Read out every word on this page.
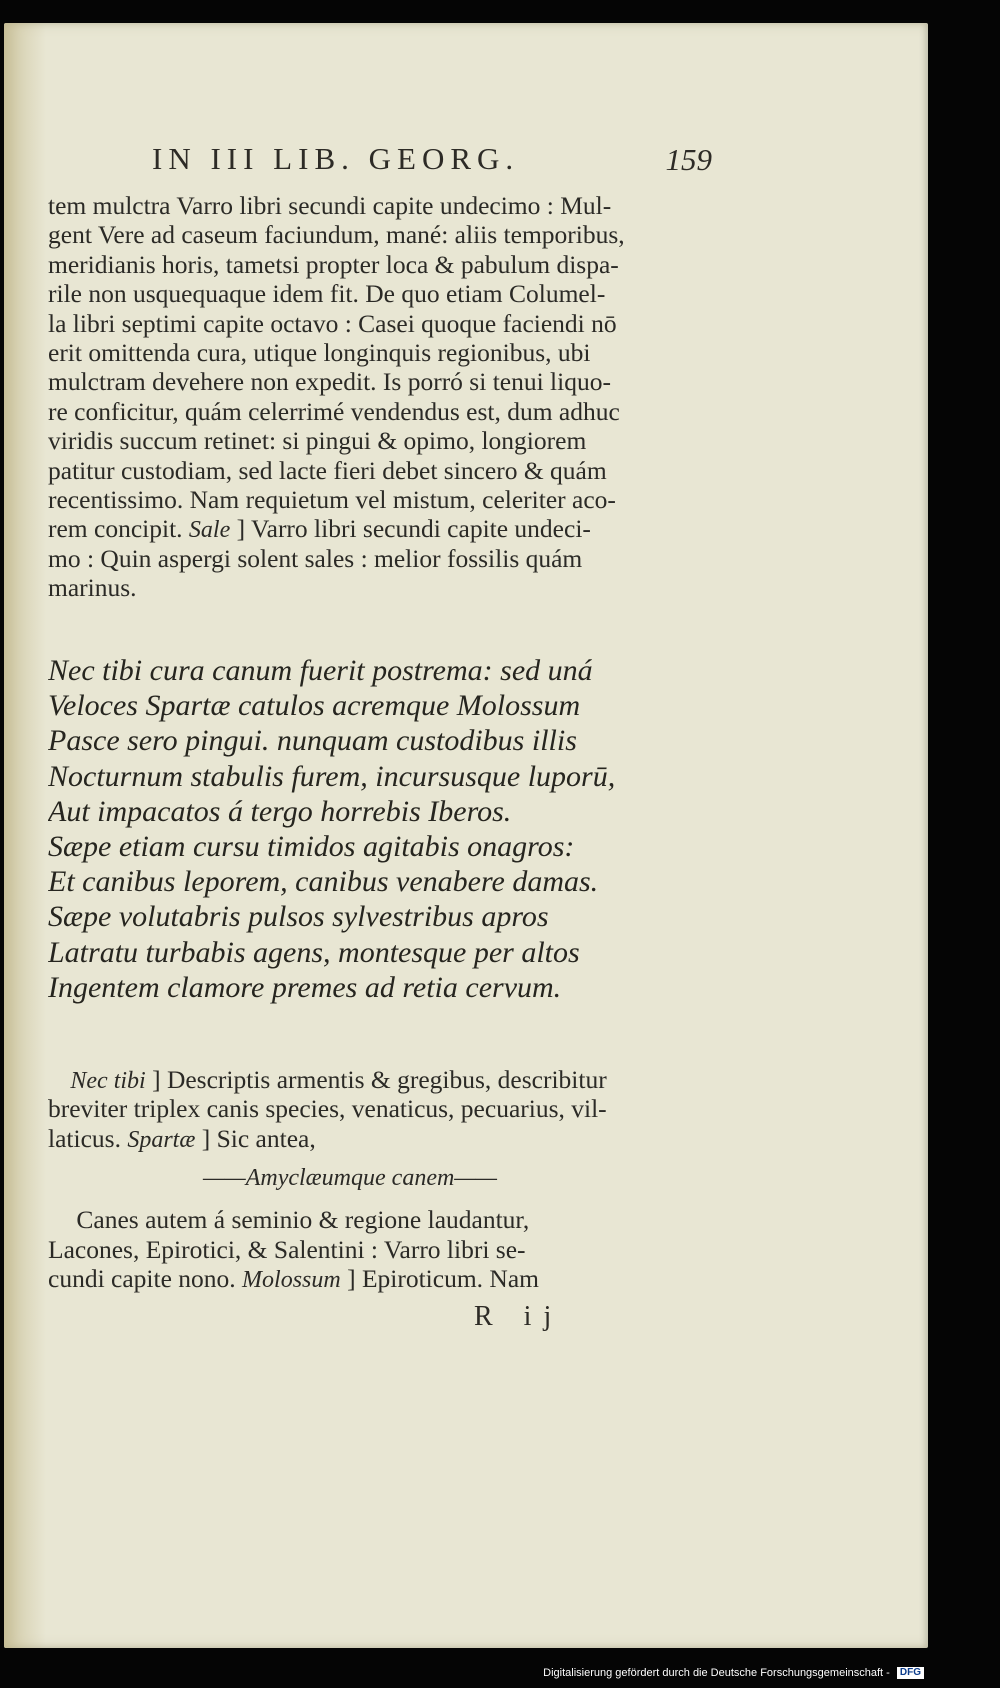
IN III LIB. GEORG.	159
tem mulctra Varro libri secundi capite undecimo : Mul-
gent Vere ad caseum faciundum, mané: aliis temporibus,
meridianis horis, tametsi propter loca & pabulum dispa-
rile non usquequaque idem fit. De quo etiam Columel-
la libri septimi capite octavo : Casei quoque faciendi nō
erit omittenda cura, utique longinquis regionibus, ubi
mulctram devehere non expedit. Is porró si tenui liquo-
re conficitur, quám celerrimé vendendus est, dum adhuc
viridis succum retinet: si pingui & opimo, longiorem
patitur custodiam, sed lacte fieri debet sincero & quám
recentissimo. Nam requietum vel mistum, celeriter aco-
rem concipit. Sale ] Varro libri secundi capite undeci-
mo : Quin aspergi solent sales : melior fossilis quám
marinus.
Nec tibi cura canum fuerit postrema: sed uná
Veloces Spartæ catulos acremque Molossum
Pasce sero pingui. nunquam custodibus illis
Nocturnum stabulis furem, incursusque luporū,
Aut impacatos á tergo horrebis Iberos.
Sæpe etiam cursu timidos agitabis onagros:
Et canibus leporem, canibus venabere damas.
Sæpe volutabris pulsos sylvestribus apros
Latratu turbabis agens, montesque per altos
Ingentem clamore premes ad retia cervum.
Nec tibi ] Descriptis armentis & gregibus, describitur
breviter triplex canis species, venaticus, pecuarius, vil-
laticus. Spartæ ] Sic antea,
——Amyclæumque canem——
Canes autem á seminio & regione laudantur,
Lacones, Epirotici, & Salentini : Varro libri se-
cundi capite nono. Molossum ] Epiroticum. Nam
R ij
Digitalisierung gefördert durch die Deutsche Forschungsgemeinschaft - DFG
